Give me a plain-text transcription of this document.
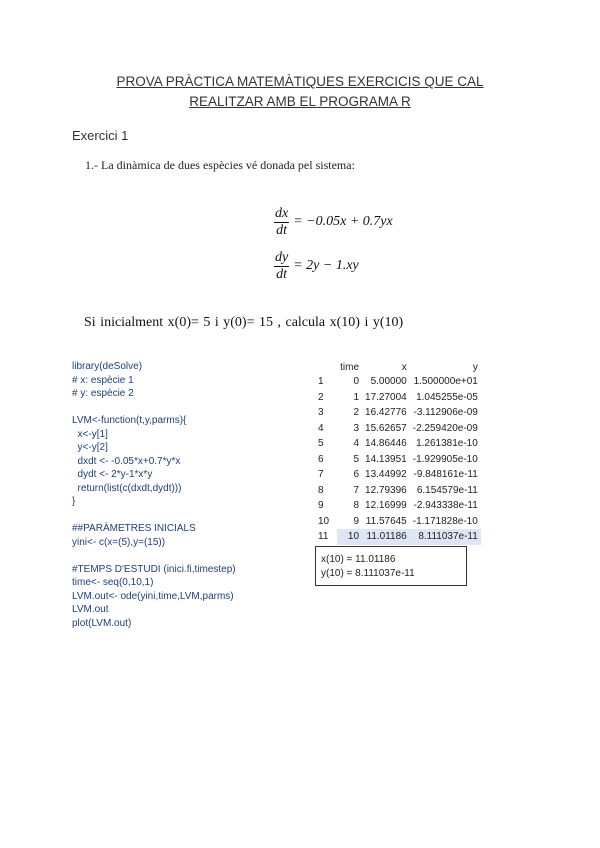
PROVA PRÀCTICA MATEMÀTIQUES EXERCICIS QUE CAL
REALITZAR AMB EL PROGRAMA R
Exercici 1
1.- La dinàmica de dues espècies vé donada pel sistema:
$\frac{dx}{dt} = -0.05x + 0.7yx$
$\frac{dy}{dt} = 2y - 1.xy$
Si inicialment x(0)= 5 i y(0)= 15 , calcula x(10) i y(10)
library(deSolve)
# x: espècie 1
# y: espècie 2
LVM<-function(t,y,parms){
x<-y[1]
y<-y[2]
dxdt <- -0.05*x+0.7*y*x
dydt <- 2*y-1*x*y
return(list(c(dxdt,dydt)))
}
##PARÀMETRES INICIALS
yini<- c(x=(5),y=(15))
#TEMPS D'ESTUDI (inici.fi,timestep)
time<- seq(0,10,1)
LVM.out<- ode(yini,time,LVM,parms)
LVM.out
plot(LVM.out)
	time	x	y
1	0	5.00000	1.500000e+01
2	1	17.27004	1.045255e-05
3	2	16.42776	-3.112906e-09
4	3	15.62657	-2.259420e-09
5	4	14.86446	1.261381e-10
6	5	14.13951	-1.929905e-10
7	6	13.44992	-9.848161e-11
8	7	12.79396	6.154579e-11
9	8	12.16999	-2.943338e-11
10	9	11.57645	-1.171828e-10
11	10	11.01186	8.111037e-11
x(10) = 11.01186
y(10) = 8.111037e-11
